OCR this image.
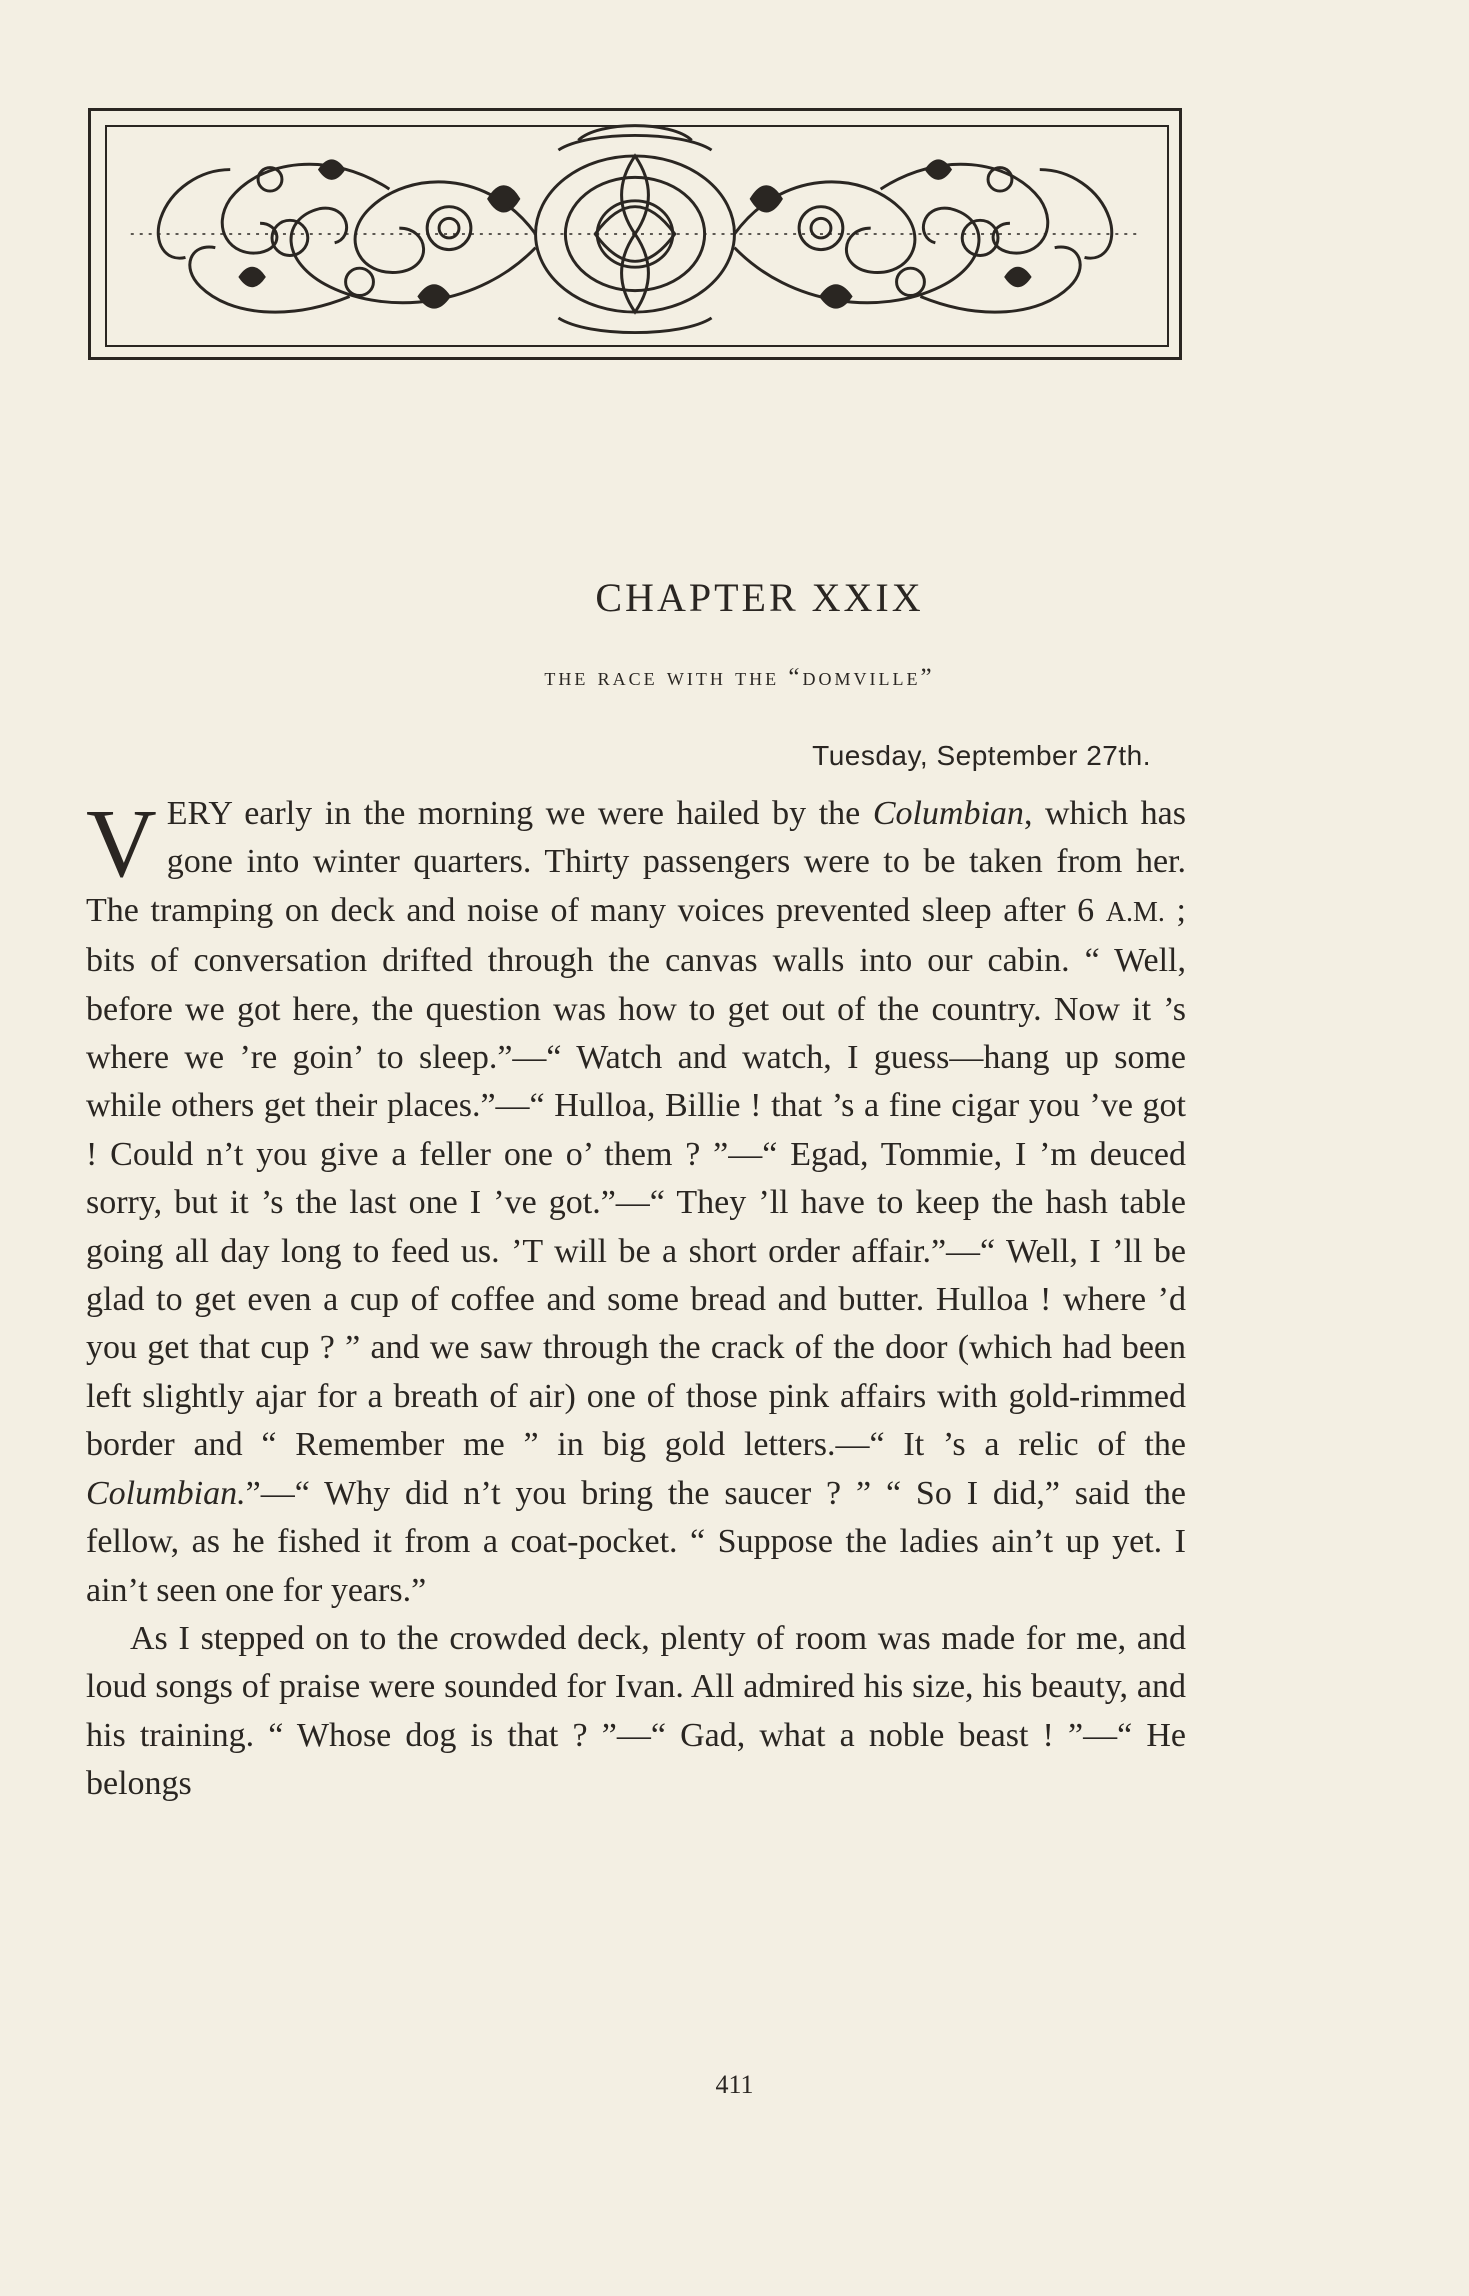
CHAPTER XXIX
the race with the “domville”
Tuesday, September 27th.

VERY early in the morning we were hailed by the Columbian, which has gone into winter quarters. Thirty passengers were to be taken from her. The tramping on deck and noise of many voices prevented sleep after 6 A.M. ; bits of conversation drifted through the canvas walls into our cabin. “ Well, before we got here, the question was how to get out of the country. Now it ’s where we ’re goin’ to sleep.”—“ Watch and watch, I guess—hang up some while others get their places.”—“ Hulloa, Billie ! that ’s a fine cigar you ’ve got ! Could n’t you give a feller one o’ them ? ”—“ Egad, Tommie, I ’m deuced sorry, but it ’s the last one I ’ve got.”—“ They ’ll have to keep the hash table going all day long to feed us. ’T will be a short order affair.”—“ Well, I ’ll be glad to get even a cup of coffee and some bread and butter. Hulloa ! where ’d you get that cup ? ” and we saw through the crack of the door (which had been left slightly ajar for a breath of air) one of those pink affairs with gold-rimmed border and “ Remember me ” in big gold letters.—“ It ’s a relic of the Columbian.”—“ Why did n’t you bring the saucer ? ” “ So I did,” said the fellow, as he fished it from a coat-pocket. “ Suppose the ladies ain’t up yet. I ain’t seen one for years.”

As I stepped on to the crowded deck, plenty of room was made for me, and loud songs of praise were sounded for Ivan. All admired his size, his beauty, and his training. “ Whose dog is that ? ”—“ Gad, what a noble beast ! ”—“ He belongs

411
